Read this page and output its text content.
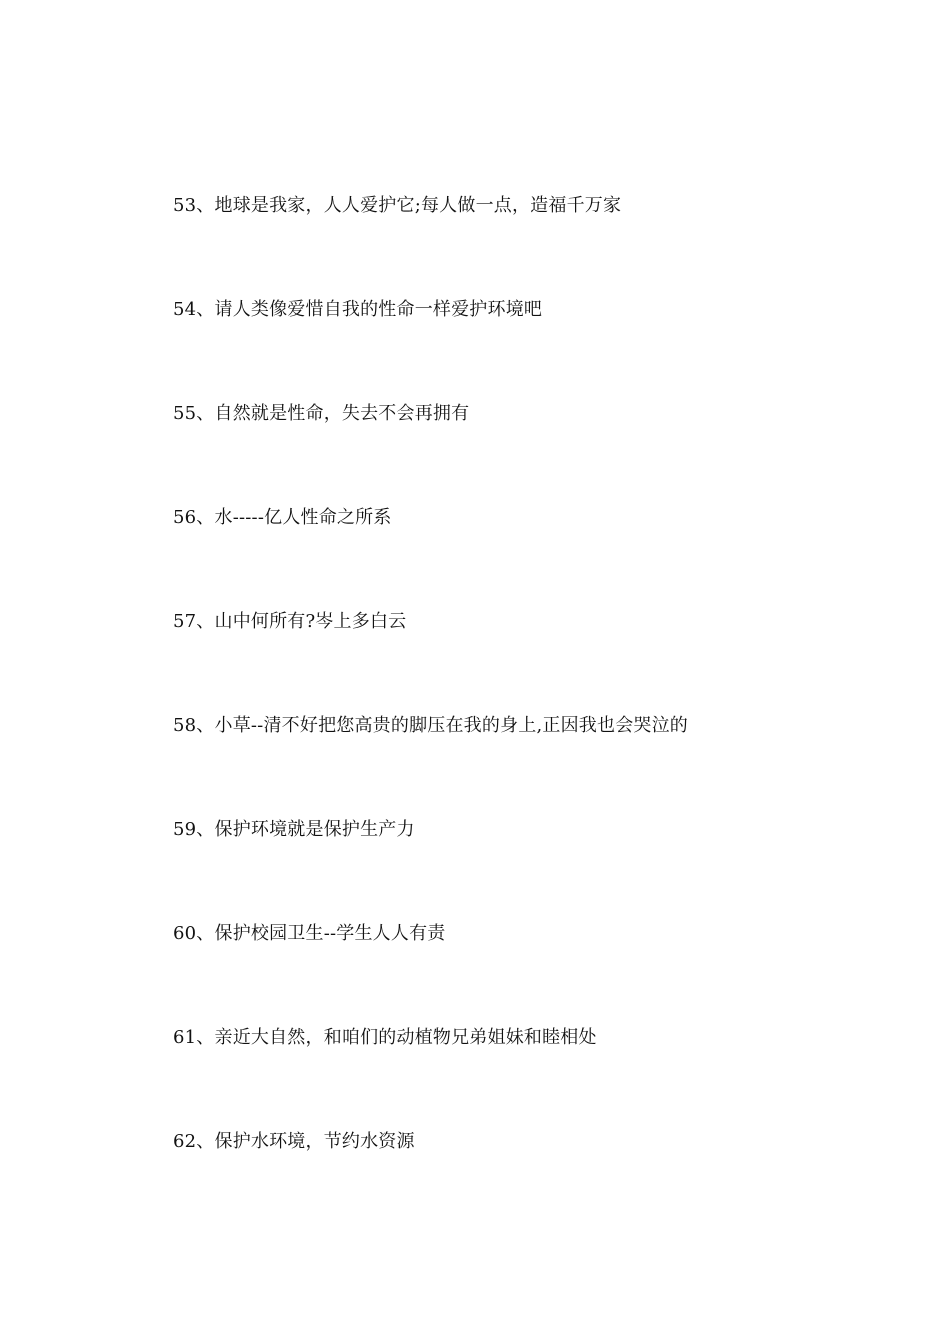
53、地球是我家，人人爱护它;每人做一点，造福千万家
54、请人类像爱惜自我的性命一样爱护环境吧
55、自然就是性命，失去不会再拥有
56、水-----亿人性命之所系
57、山中何所有?岑上多白云
58、小草--清不好把您高贵的脚压在我的身上,正因我也会哭泣的
59、保护环境就是保护生产力
60、保护校园卫生--学生人人有责
61、亲近大自然，和咱们的动植物兄弟姐妹和睦相处
62、保护水环境，节约水资源
